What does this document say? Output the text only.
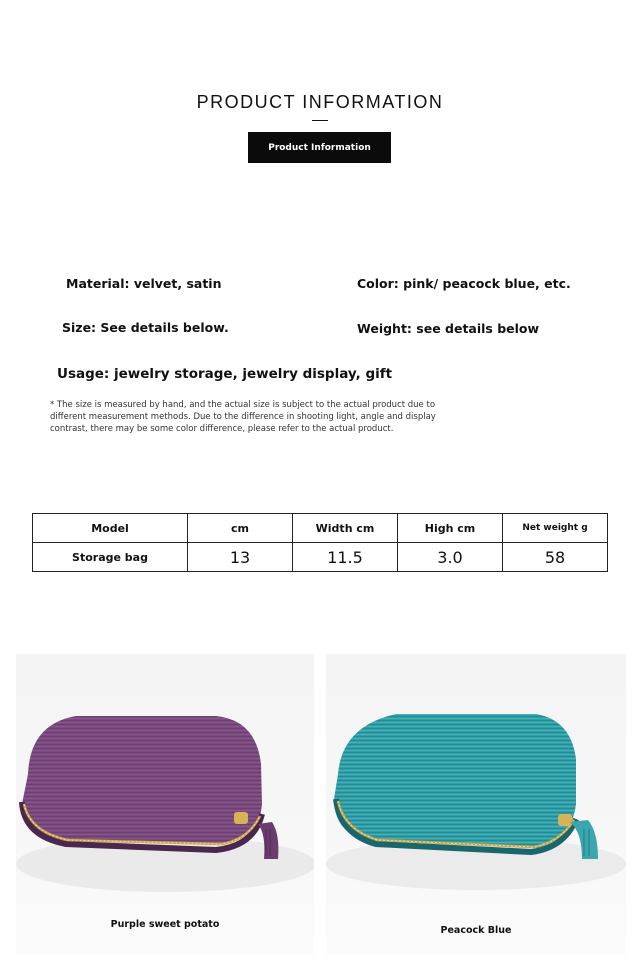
PRODUCT INFORMATION
Product Information
Material: velvet, satin	Color: pink/ peacock blue, etc.
Size: See details below.	Weight: see details below
Usage: jewelry storage, jewelry display, gift
* The size is measured by hand, and the actual size is subject to the actual product due to different measurement methods. Due to the difference in shooting light, angle and display contrast, there may be some color difference, please refer to the actual product.
Model	cm	Width cm	High cm	Net weight g
Storage bag	13	11.5	3.0	58
Purple sweet potato
Peacock Blue
